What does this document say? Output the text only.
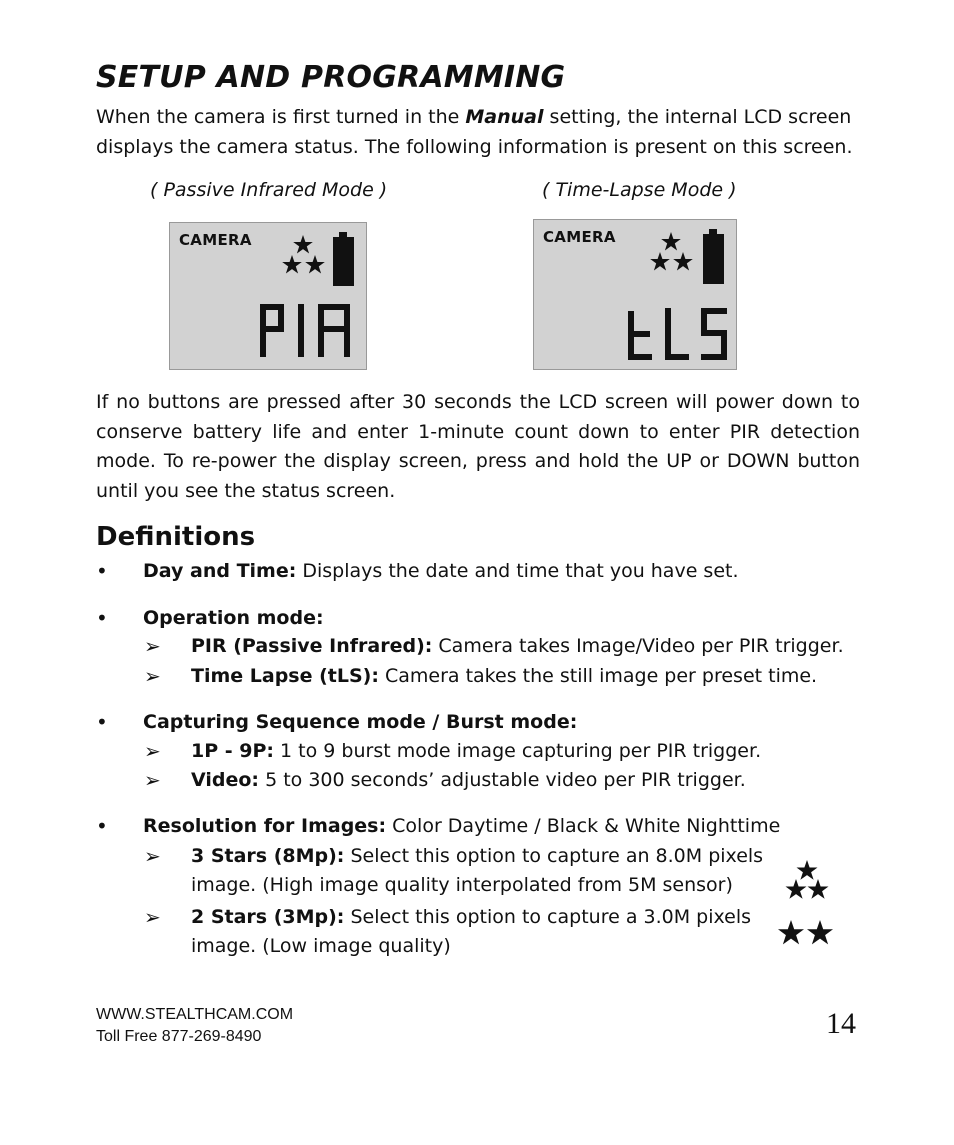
SETUP AND PROGRAMMING
When the camera is first turned in the Manual setting, the internal LCD screen displays the camera status. The following information is present on this screen.
( Passive Infrared Mode )	( Time-Lapse Mode )
CAMERA	CAMERA
If no buttons are pressed after 30 seconds the LCD screen will power down to conserve battery life and enter 1-minute count down to enter PIR detection mode. To re-power the display screen, press and hold the UP or DOWN button until you see the status screen.
Definitions
• Day and Time: Displays the date and time that you have set.
• Operation mode:
➢ PIR (Passive Infrared): Camera takes Image/Video per PIR trigger.
➢ Time Lapse (tLS): Camera takes the still image per preset time.
• Capturing Sequence mode / Burst mode:
➢ 1P - 9P: 1 to 9 burst mode image capturing per PIR trigger.
➢ Video: 5 to 300 seconds’ adjustable video per PIR trigger.
• Resolution for Images: Color Daytime / Black & White Nighttime
➢ 3 Stars (8Mp): Select this option to capture an 8.0M pixels
image. (High image quality interpolated from 5M sensor)
➢ 2 Stars (3Mp): Select this option to capture a 3.0M pixels
image. (Low image quality)
WWW.STEALTHCAM.COM
Toll Free 877-269-8490	14
